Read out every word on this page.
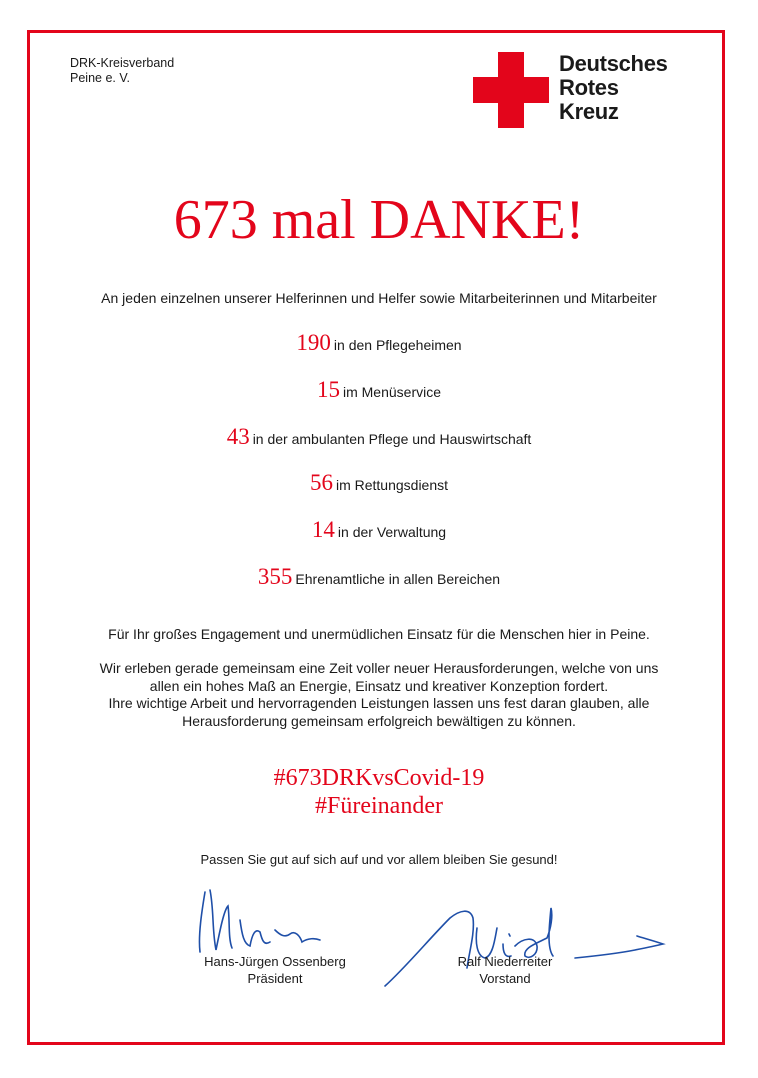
DRK-Kreisverband
Peine e. V.
Deutsches
Rotes
Kreuz
673 mal DANKE!
An jeden einzelnen unserer Helferinnen und Helfer sowie Mitarbeiterinnen und Mitarbeiter
190 in den Pflegeheimen
15 im Menüservice
43 in der ambulanten Pflege und Hauswirtschaft
56 im Rettungsdienst
14 in der Verwaltung
355 Ehrenamtliche in allen Bereichen
Für Ihr großes Engagement und unermüdlichen Einsatz für die Menschen hier in Peine.
Wir erleben gerade gemeinsam eine Zeit voller neuer Herausforderungen, welche von uns
allen ein hohes Maß an Energie, Einsatz und kreativer Konzeption fordert.
Ihre wichtige Arbeit und hervorragenden Leistungen lassen uns fest daran glauben, alle
Herausforderung gemeinsam erfolgreich bewältigen zu können.
#673DRKvsCovid-19
#Füreinander
Passen Sie gut auf sich auf und vor allem bleiben Sie gesund!
Hans-Jürgen Ossenberg
Präsident
Ralf Niederreiter
Vorstand
